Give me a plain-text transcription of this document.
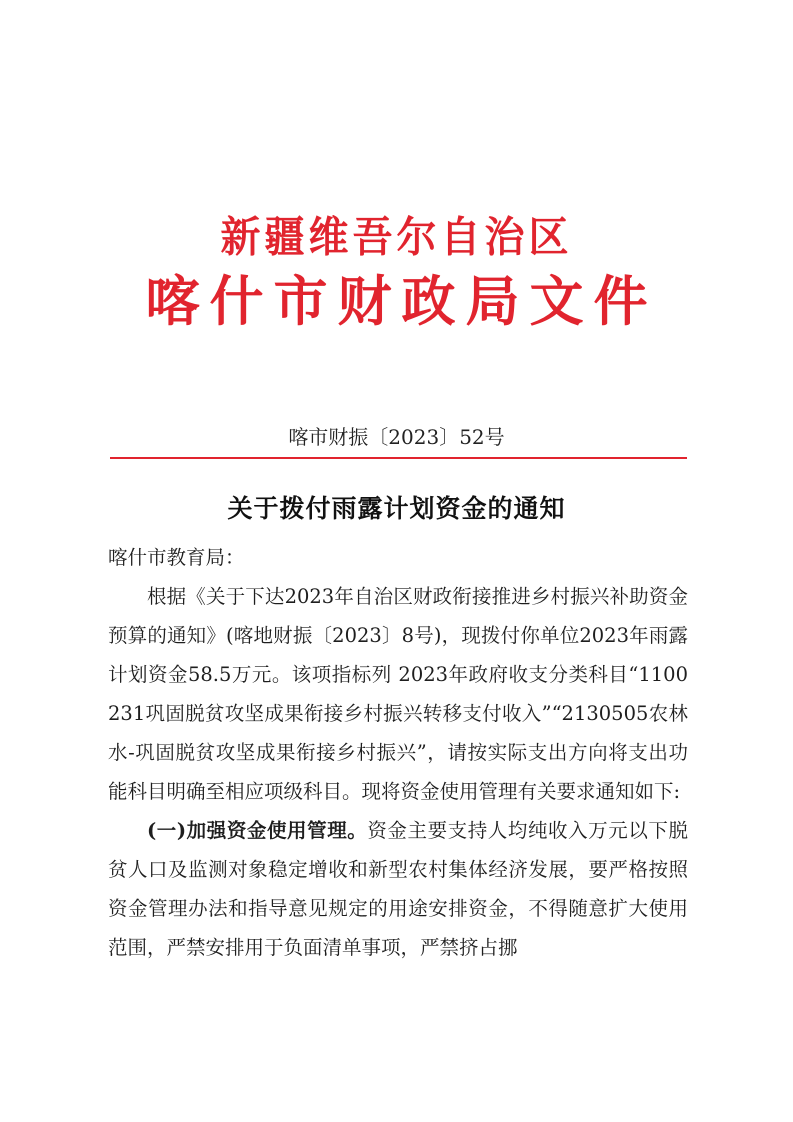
新疆维吾尔自治区
喀什市财政局文件
喀市财振〔2023〕52号
关于拨付雨露计划资金的通知

喀什市教育局：

根据《关于下达2023年自治区财政衔接推进乡村振兴补助资金预算的通知》(喀地财振〔2023〕8号)，现拨付你单位2023年雨露计划资金58.5万元。该项指标列 2023年政府收支分类科目“1100231巩固脱贫攻坚成果衔接乡村振兴转移支付收入”“2130505农林水-巩固脱贫攻坚成果衔接乡村振兴”，请按实际支出方向将支出功能科目明确至相应项级科目。现将资金使用管理有关要求通知如下:

(一)加强资金使用管理。资金主要支持人均纯收入万元以下脱贫人口及监测对象稳定增收和新型农村集体经济发展，要严格按照资金管理办法和指导意见规定的用途安排资金，不得随意扩大使用范围，严禁安排用于负面清单事项，严禁挤占挪
